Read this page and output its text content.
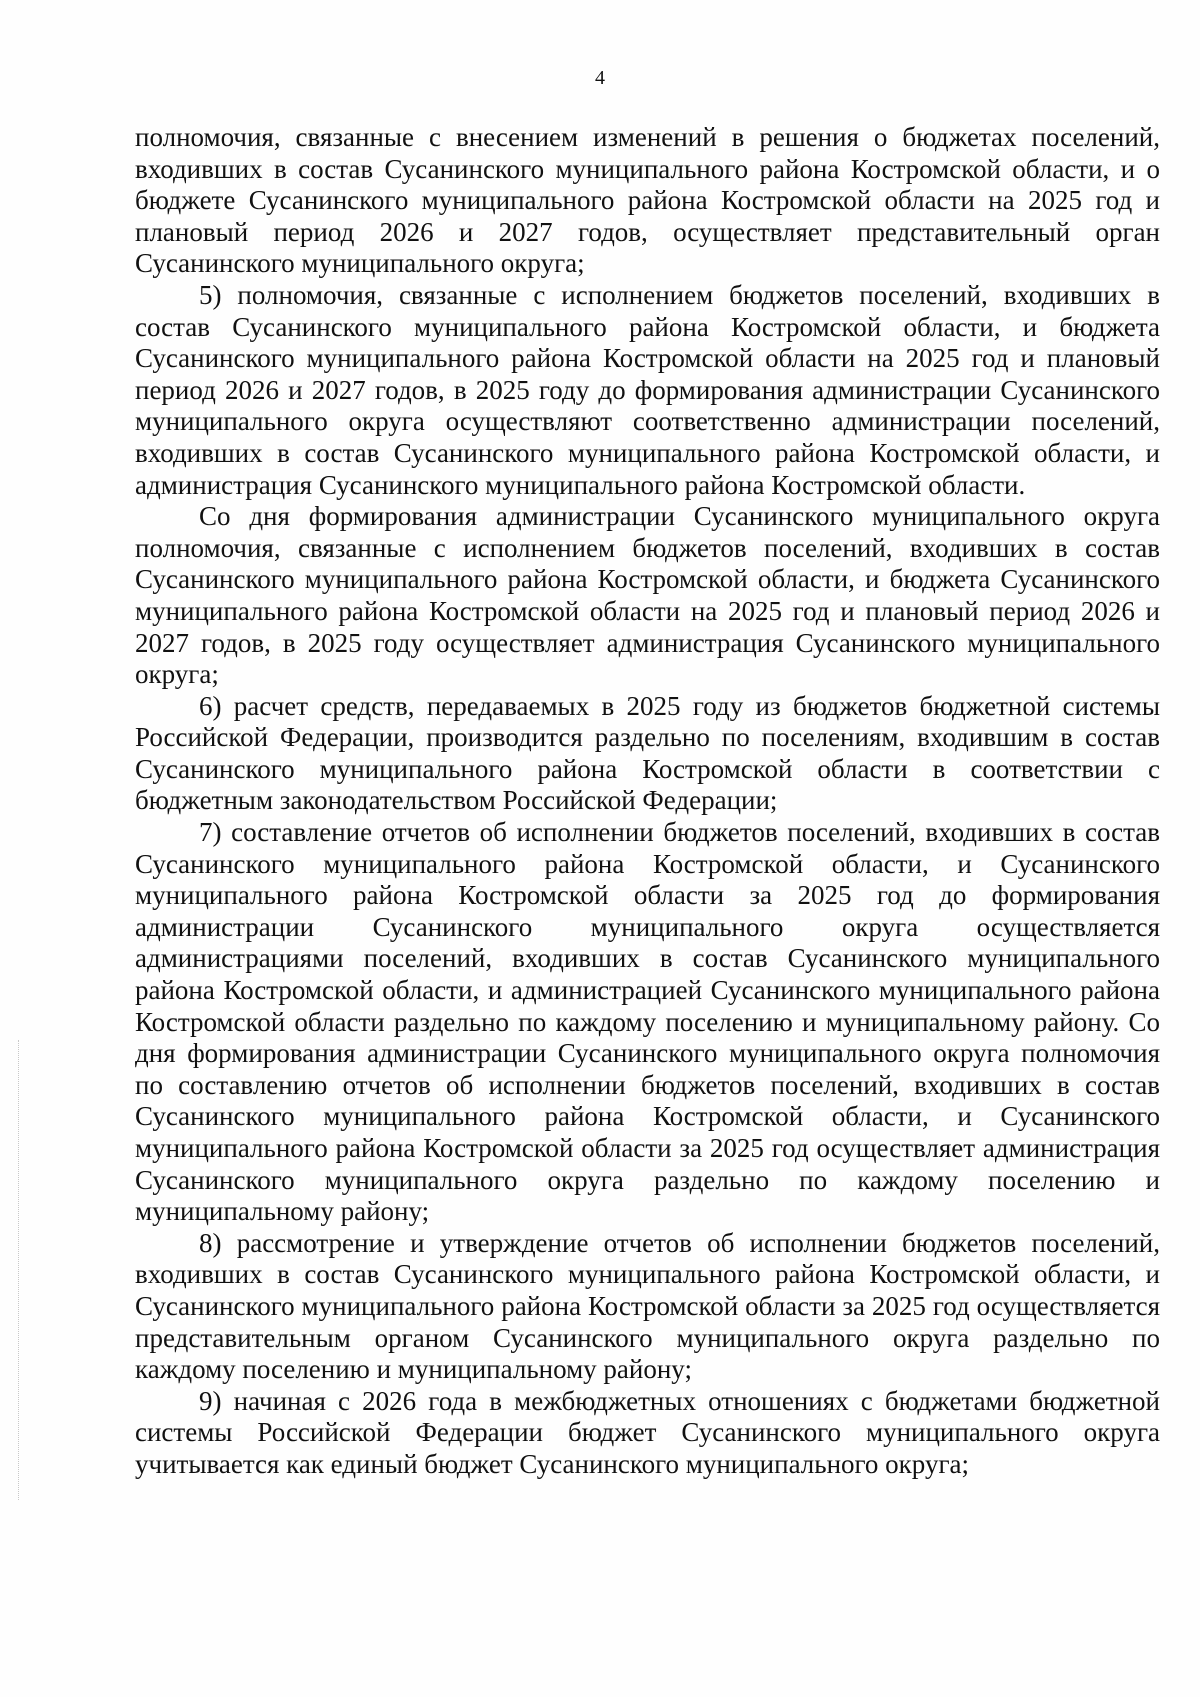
4

полномочия, связанные с внесением изменений в решения о бюджетах поселений, входивших в состав Сусанинского муниципального района Костромской области, и о бюджете Сусанинского муниципального района Костромской области на 2025 год и плановый период 2026 и 2027 годов, осуществляет представительный орган Сусанинского муниципального округа;

5) полномочия, связанные с исполнением бюджетов поселений, входивших в состав Сусанинского муниципального района Костромской области, и бюджета Сусанинского муниципального района Костромской области на 2025 год и плановый период 2026 и 2027 годов, в 2025 году до формирования администрации Сусанинского муниципального округа осуществляют соответственно администрации поселений, входивших в состав Сусанинского муниципального района Костромской области, и администрация Сусанинского муниципального района Костромской области.

Со дня формирования администрации Сусанинского муниципального округа полномочия, связанные с исполнением бюджетов поселений, входивших в состав Сусанинского муниципального района Костромской области, и бюджета Сусанинского муниципального района Костромской области на 2025 год и плановый период 2026 и 2027 годов, в 2025 году осуществляет администрация Сусанинского муниципального округа;

6) расчет средств, передаваемых в 2025 году из бюджетов бюджетной системы Российской Федерации, производится раздельно по поселениям, входившим в состав Сусанинского муниципального района Костромской области в соответствии с бюджетным законодательством Российской Федерации;

7) составление отчетов об исполнении бюджетов поселений, входивших в состав Сусанинского муниципального района Костромской области, и Сусанинского муниципального района Костромской области за 2025 год до формирования администрации Сусанинского муниципального округа осуществляется администрациями поселений, входивших в состав Сусанинского муниципального района Костромской области, и администрацией Сусанинского муниципального района Костромской области раздельно по каждому поселению и муниципальному району. Со дня формирования администрации Сусанинского муниципального округа полномочия по составлению отчетов об исполнении бюджетов поселений, входивших в состав Сусанинского муниципального района Костромской области, и Сусанинского муниципального района Костромской области за 2025 год осуществляет администрация Сусанинского муниципального округа раздельно по каждому поселению и муниципальному району;

8) рассмотрение и утверждение отчетов об исполнении бюджетов поселений, входивших в состав Сусанинского муниципального района Костромской области, и Сусанинского муниципального района Костромской области за 2025 год осуществляется представительным органом Сусанинского муниципального округа раздельно по каждому поселению и муниципальному району;

9) начиная с 2026 года в межбюджетных отношениях с бюджетами бюджетной системы Российской Федерации бюджет Сусанинского муниципального округа учитывается как единый бюджет Сусанинского муниципального округа;
